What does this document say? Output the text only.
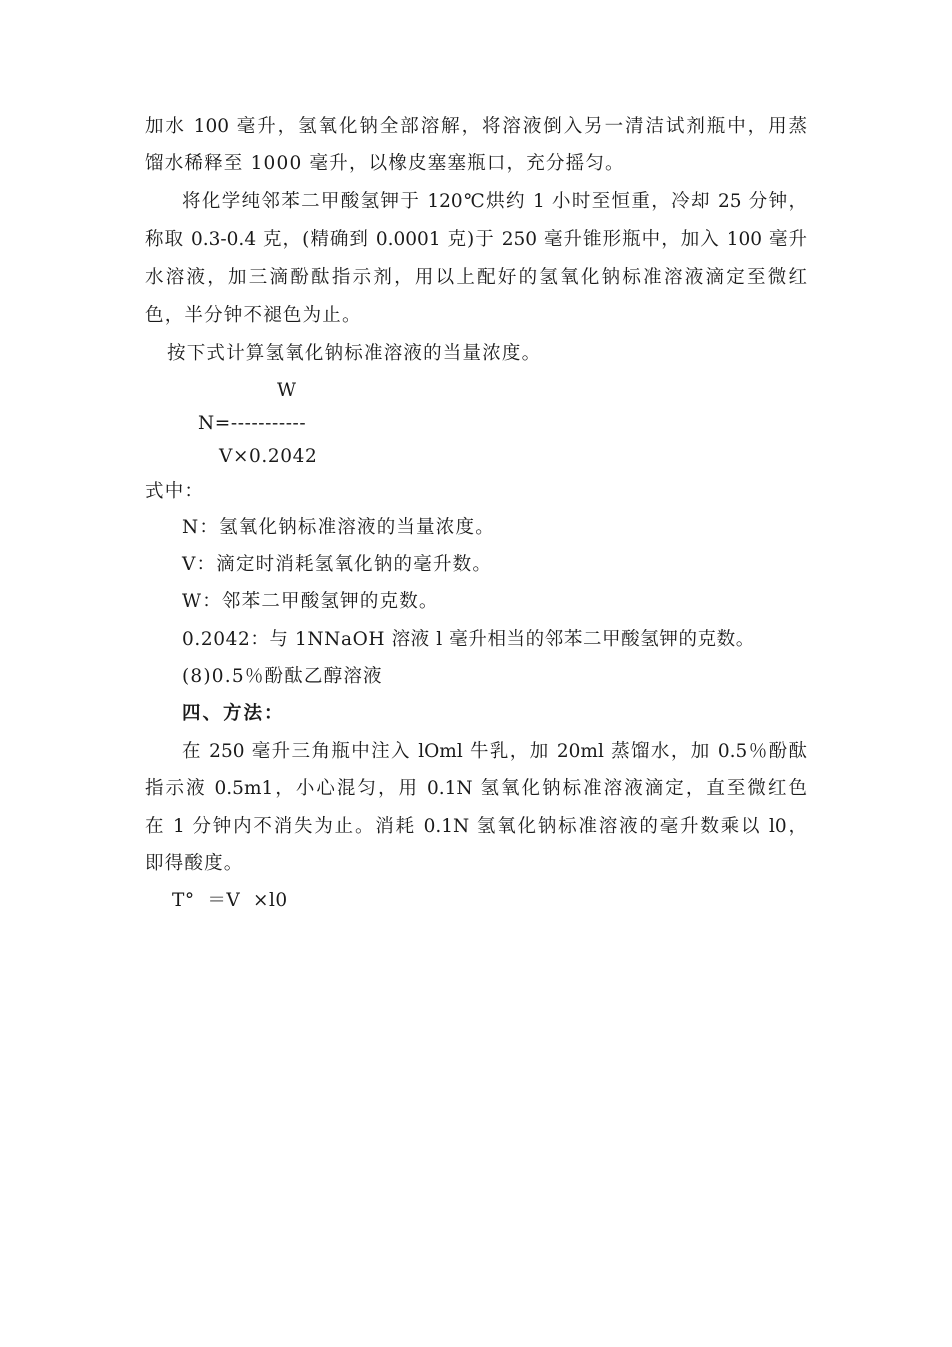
加水 100 毫升，氢氧化钠全部溶解，将溶液倒入另一清洁试剂瓶中，用蒸
馏水稀释至 1000 毫升，以橡皮塞塞瓶口，充分摇匀。
将化学纯邻苯二甲酸氢钾于 120℃烘约 1 小时至恒重，冷却 25 分钟，
称取 0.3-0.4 克，(精确到 0.0001 克)于 250 毫升锥形瓶中，加入 100 毫升
水溶液，加三滴酚酞指示剂，用以上配好的氢氧化钠标准溶液滴定至微红
色，半分钟不褪色为止。
按下式计算氢氧化钠标准溶液的当量浓度。
W
N=-----------
V×0.2042
式中：
N：氢氧化钠标准溶液的当量浓度。
V：滴定时消耗氢氧化钠的毫升数。
W：邻苯二甲酸氢钾的克数。
0.2042：与 1NNaOH 溶液 l 毫升相当的邻苯二甲酸氢钾的克数。
(8)0.5％酚酞乙醇溶液
四、方法：
在 250 毫升三角瓶中注入 lOml 牛乳，加 20ml 蒸馏水，加 0.5％酚酞
指示液 0.5m1，小心混匀，用 0.1N 氢氧化钠标准溶液滴定，直至微红色
在 1 分钟内不消失为止。消耗 0.1N 氢氧化钠标准溶液的毫升数乘以 l0，
即得酸度。
T°  ＝V  ×l0
